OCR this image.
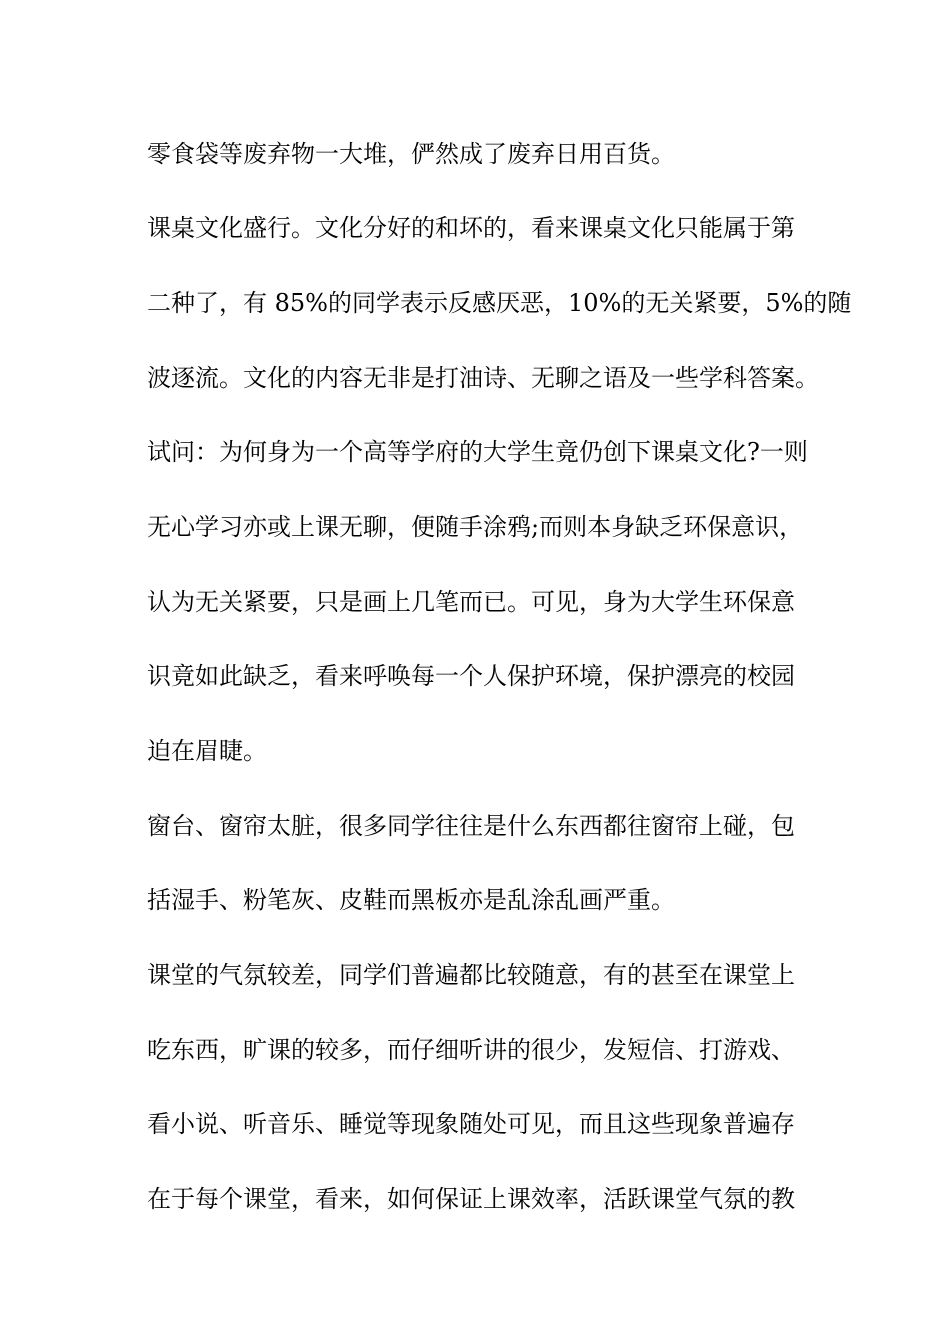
零食袋等废弃物一大堆，俨然成了废弃日用百货。
课桌文化盛行。文化分好的和坏的，看来课桌文化只能属于第
二种了，有 85%的同学表示反感厌恶，10%的无关紧要，5%的随
波逐流。文化的内容无非是打油诗、无聊之语及一些学科答案。
试问：为何身为一个高等学府的大学生竟仍创下课桌文化?一则
无心学习亦或上课无聊，便随手涂鸦;而则本身缺乏环保意识，
认为无关紧要，只是画上几笔而已。可见，身为大学生环保意
识竟如此缺乏，看来呼唤每一个人保护环境，保护漂亮的校园
迫在眉睫。
窗台、窗帘太脏，很多同学往往是什么东西都往窗帘上碰，包
括湿手、粉笔灰、皮鞋而黑板亦是乱涂乱画严重。
课堂的气氛较差，同学们普遍都比较随意，有的甚至在课堂上
吃东西，旷课的较多，而仔细听讲的很少，发短信、打游戏、
看小说、听音乐、睡觉等现象随处可见，而且这些现象普遍存
在于每个课堂，看来，如何保证上课效率，活跃课堂气氛的教
